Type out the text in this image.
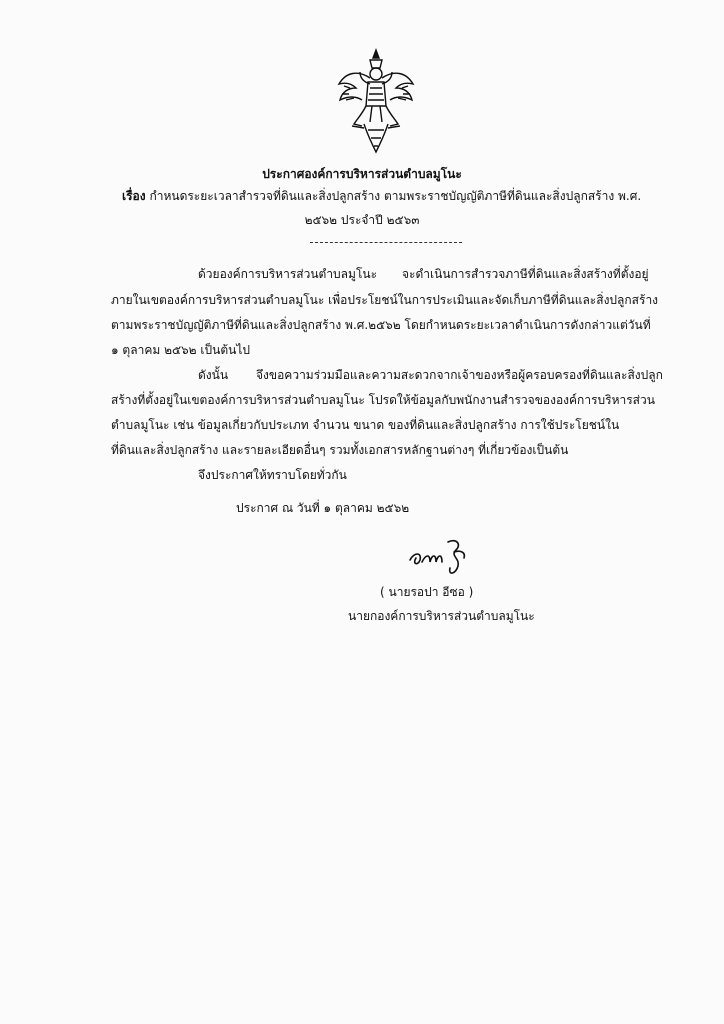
ประกาศองค์การบริหารส่วนตำบลมูโนะ
เรื่อง กำหนดระยะเวลาสำรวจที่ดินและสิ่งปลูกสร้าง ตามพระราชบัญญัติภาษีที่ดินและสิ่งปลูกสร้าง พ.ศ.
๒๕๖๒ ประจำปี ๒๕๖๓
ด้วยองค์การบริหารส่วนตำบลมูโนะ จะดำเนินการสำรวจภาษีที่ดินและสิ่งสร้างที่ตั้งอยู่
ภายในเขตองค์การบริหารส่วนตำบลมูโนะ เพื่อประโยชน์ในการประเมินและจัดเก็บภาษีที่ดินและสิ่งปลูกสร้าง
ตามพระราชบัญญัติภาษีที่ดินและสิ่งปลูกสร้าง พ.ศ.๒๕๖๒ โดยกำหนดระยะเวลาดำเนินการดังกล่าวแต่วันที่
๑ ตุลาคม ๒๕๖๒ เป็นต้นไป
ดังนั้น จึงขอความร่วมมือและความสะดวกจากเจ้าของหรือผู้ครอบครองที่ดินและสิ่งปลูก
สร้างที่ตั้งอยู่ในเขตองค์การบริหารส่วนตำบลมูโนะ โปรดให้ข้อมูลกับพนักงานสำรวจขององค์การบริหารส่วน
ตำบลมูโนะ เช่น ข้อมูลเกี่ยวกับประเภท จำนวน ขนาด ของที่ดินและสิ่งปลูกสร้าง การใช้ประโยชน์ใน
ที่ดินและสิ่งปลูกสร้าง และรายละเอียดอื่นๆ รวมทั้งเอกสารหลักฐานต่างๆ ที่เกี่ยวข้องเป็นต้น
จึงประกาศให้ทราบโดยทั่วกัน
ประกาศ ณ วันที่ ๑ ตุลาคม ๒๕๖๒
( นายรอปา อีซอ )
นายกองค์การบริหารส่วนตำบลมูโนะ
